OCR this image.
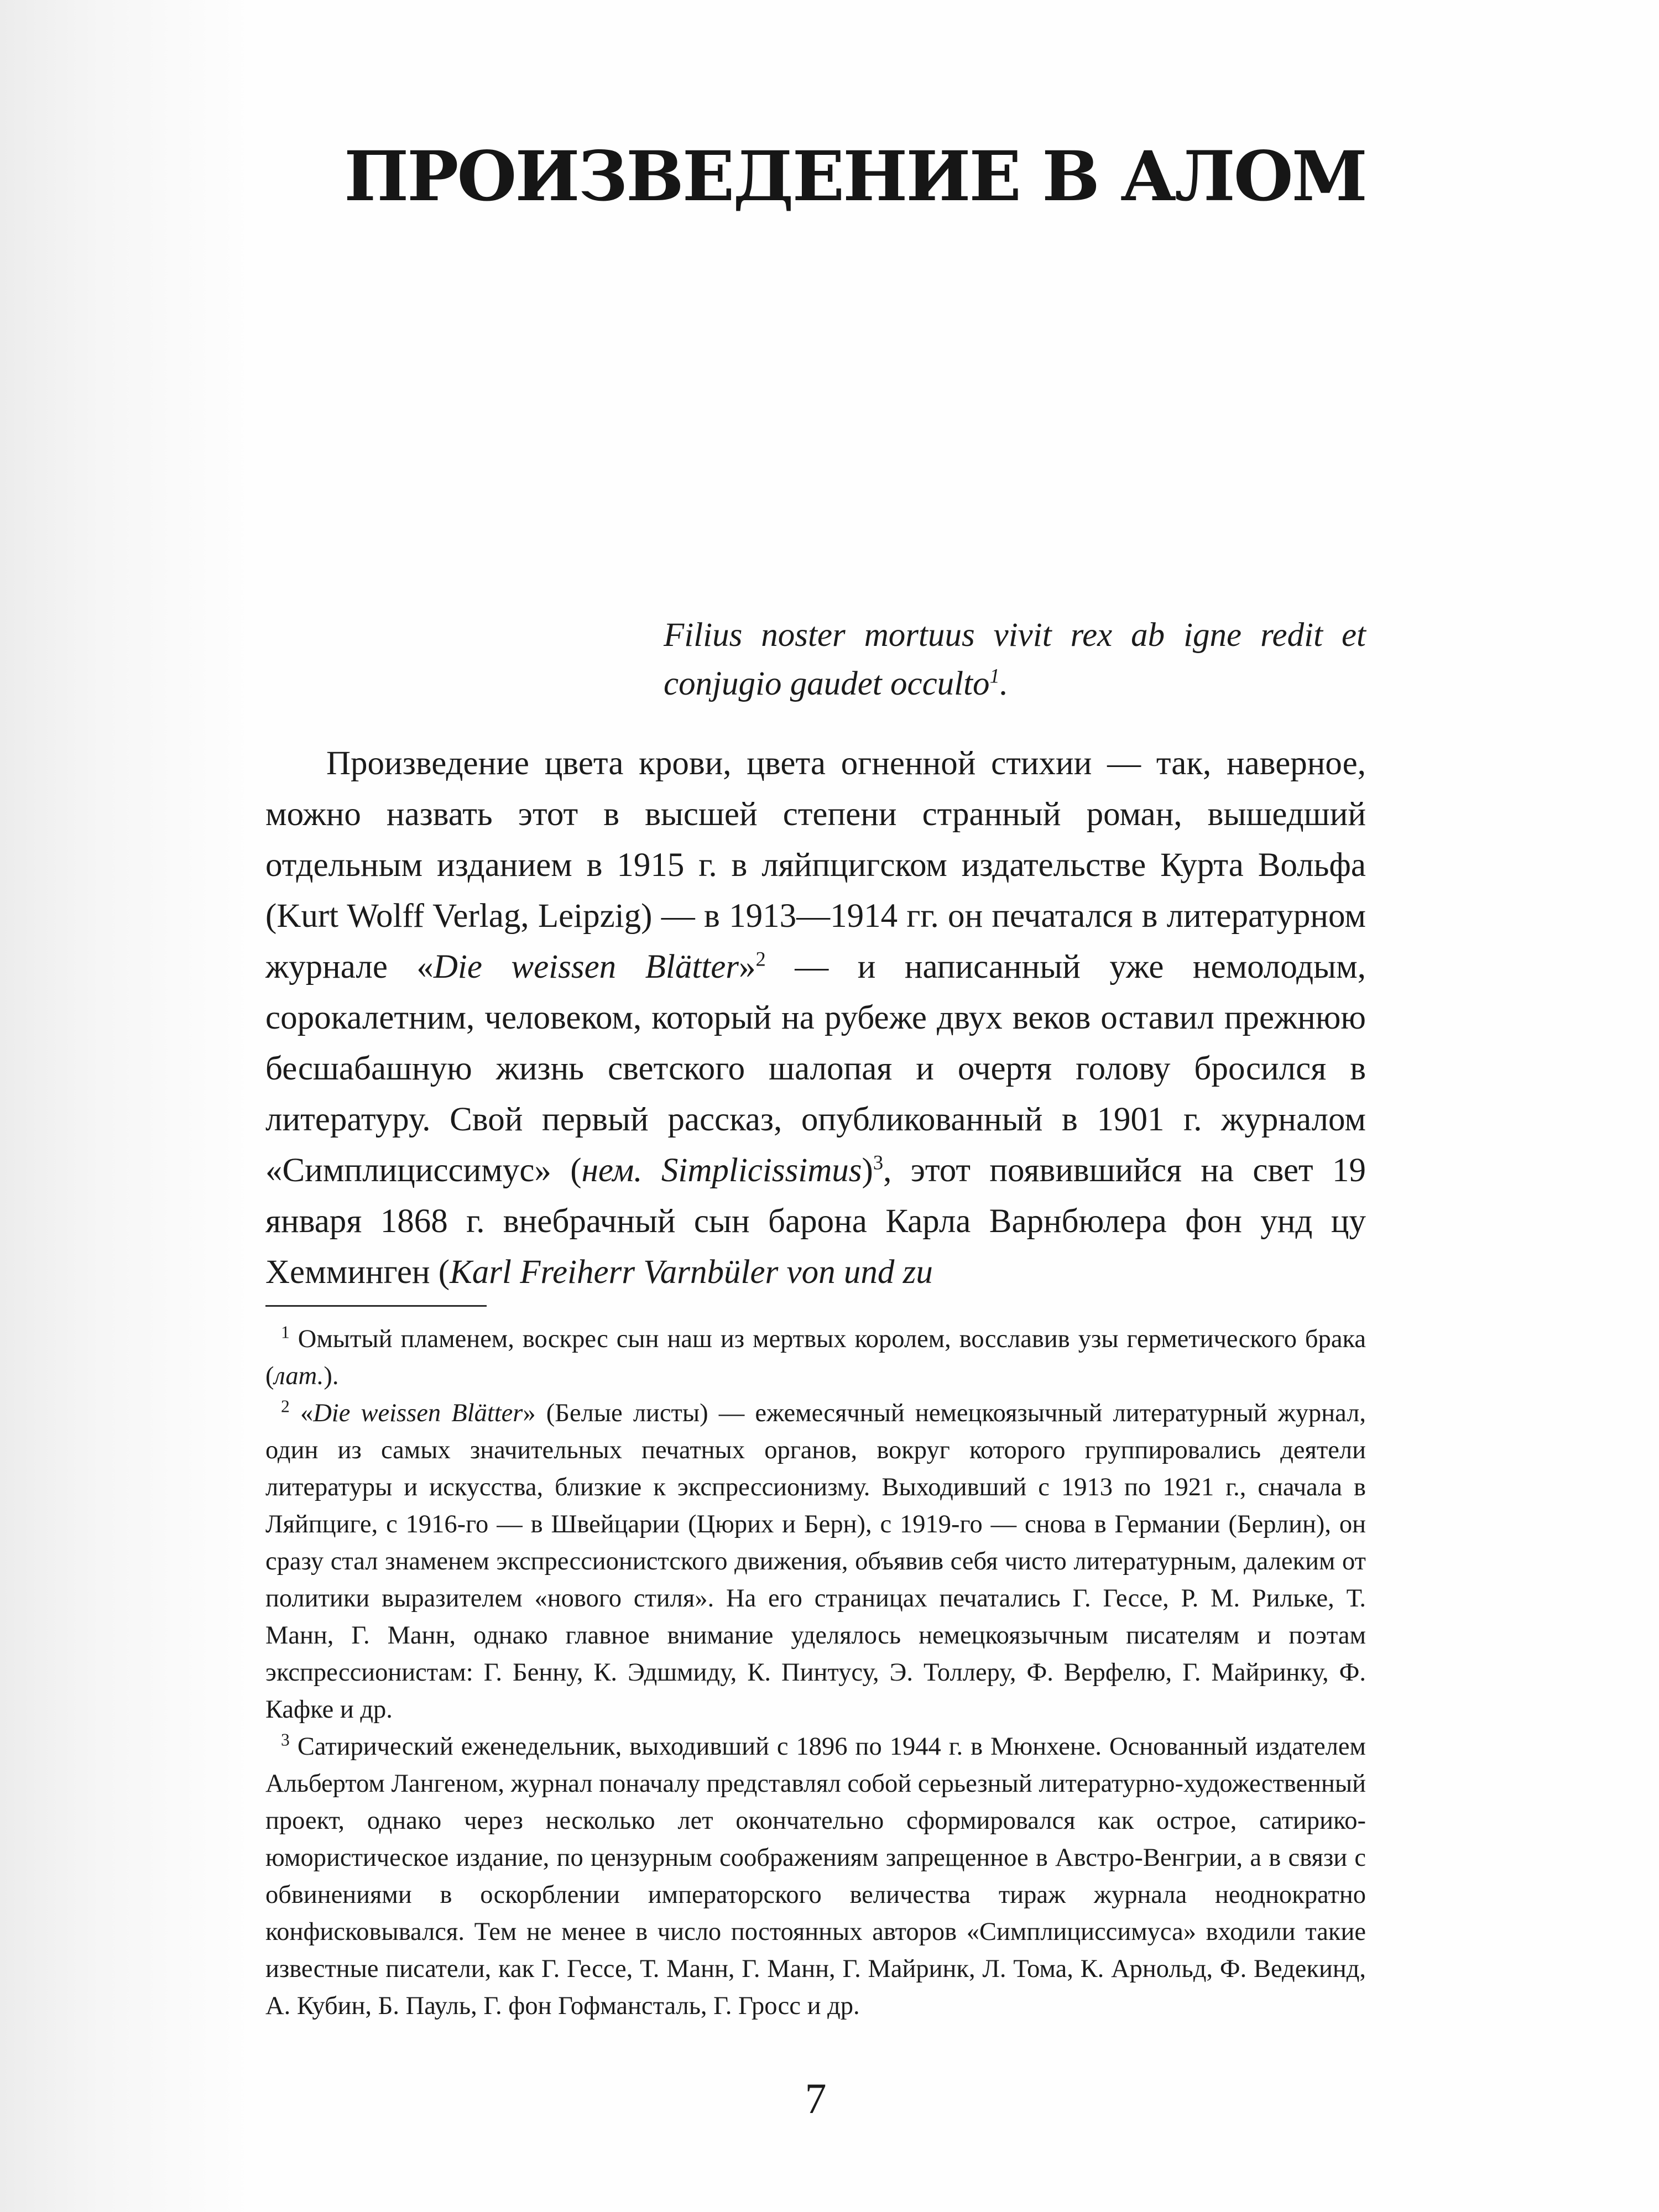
ПРОИЗВЕДЕНИЕ В АЛОМ

Filius noster mortuus vivit rex ab igne redit et conjugio gaudet occulto$^1$.

Произведение цвета крови, цвета огненной стихии — так, наверное, можно назвать этот в высшей степени странный роман, вышедший отдельным изданием в 1915 г. в ляйпцигском издательстве Курта Вольфа (Kurt Wolff Verlag, Leipzig) — в 1913—1914 гг. он печатался в литературном журнале «Die weissen Blätter»$^2$ — и написанный уже немолодым, сорокалетним, человеком, который на рубеже двух веков оставил прежнюю бесшабашную жизнь светского шалопая и очертя голову бросился в литературу. Свой первый рассказ, опубликованный в 1901 г. журналом «Симплициссимус» (нем. Simplicissimus)$^3$, этот появившийся на свет 19 января 1868 г. внебрачный сын барона Карла Варнбюлера фон унд цу Хемминген (Karl Freiherr Varnbüler von und zu

$^1$ Омытый пламенем, воскрес сын наш из мертвых королем, восславив узы герметического брака (лат.).

$^2$ «Die weissen Blätter» (Белые листы) — ежемесячный немецкоязычный литературный журнал, один из самых значительных печатных органов, вокруг которого группировались деятели литературы и искусства, близкие к экспрессионизму. Выходивший с 1913 по 1921 г., сначала в Ляйпциге, с 1916-го — в Швейцарии (Цюрих и Берн), с 1919-го — снова в Германии (Берлин), он сразу стал знаменем экспрессионистского движения, объявив себя чисто литературным, далеким от политики выразителем «нового стиля». На его страницах печатались Г. Гессе, Р. М. Рильке, Т. Манн, Г. Манн, однако главное внимание уделялось немецкоязычным писателям и поэтам экспрессионистам: Г. Бенну, К. Эдшмиду, К. Пинтусу, Э. Толлеру, Ф. Верфелю, Г. Майринку, Ф. Кафке и др.

$^3$ Сатирический еженедельник, выходивший с 1896 по 1944 г. в Мюнхене. Основанный издателем Альбертом Лангеном, журнал поначалу представлял собой серьезный литературно-художественный проект, однако через несколько лет окончательно сформировался как острое, сатирико-юмористическое издание, по цензурным соображениям запрещенное в Австро-Венгрии, а в связи с обвинениями в оскорблении императорского величества тираж журнала неоднократно конфисковывался. Тем не менее в число постоянных авторов «Симплициссимуса» входили такие известные писатели, как Г. Гессе, Т. Манн, Г. Манн, Г. Майринк, Л. Тома, К. Арнольд, Ф. Ведекинд, А. Кубин, Б. Пауль, Г. фон Гофмансталь, Г. Гросс и др.

7
